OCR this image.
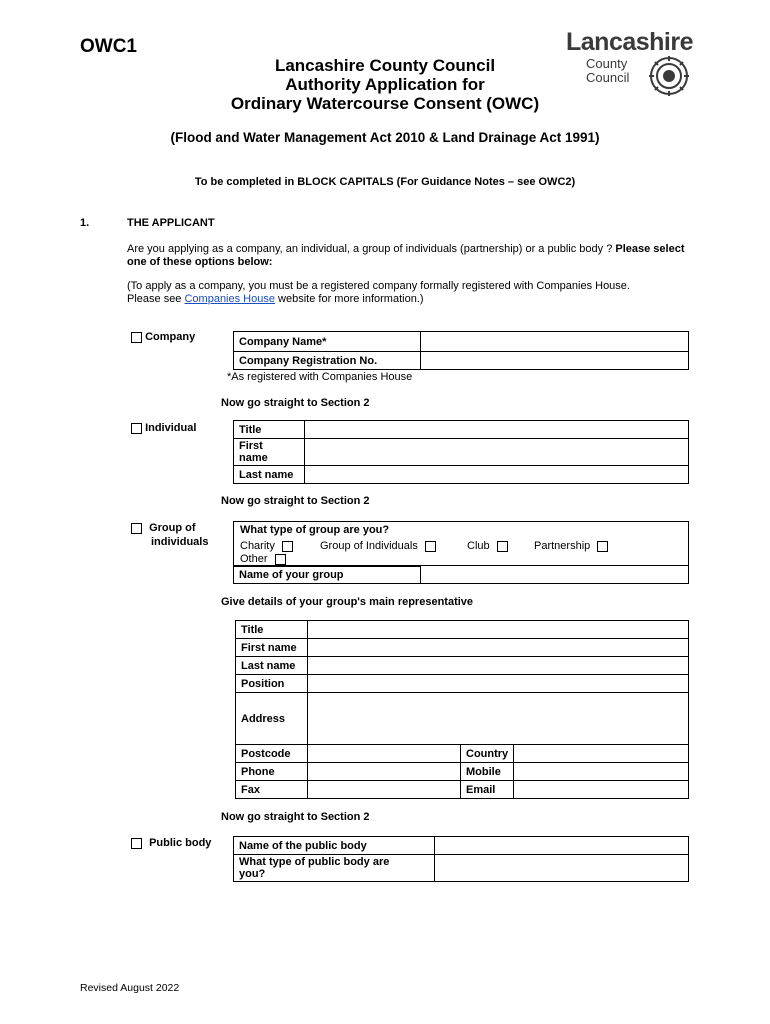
OWC1	Lancashire
County
Council
Lancashire County Council
Authority Application for
Ordinary Watercourse Consent (OWC)
(Flood and Water Management Act 2010 & Land Drainage Act 1991)
To be completed in BLOCK CAPITALS (For Guidance Notes – see OWC2)
1.	THE APPLICANT
Are you applying as a company, an individual, a group of individuals (partnership) or a public body ? Please select one of these options below:
(To apply as a company, you must be a registered company formally registered with Companies House.
Please see Companies House website for more information.)
Company	Company Name*	
Company Registration No.	
*As registered with Companies House
Now go straight to Section 2
Individual	Title	

First
name	

Last name	
Now go straight to Section 2
Group of
individuals
What type of group are you?
Charity	Group of Individuals	Club	Partnership
Other
Name of your group	
Give details of your group's main representative
Title			
First name			
Last name			
Position			
Address			
Postcode		Country	
Phone		Mobile	
Fax		Email	
Now go straight to Section 2
Public body	Name of the public body	

What type of public body are
you?	

Revised August 2022
